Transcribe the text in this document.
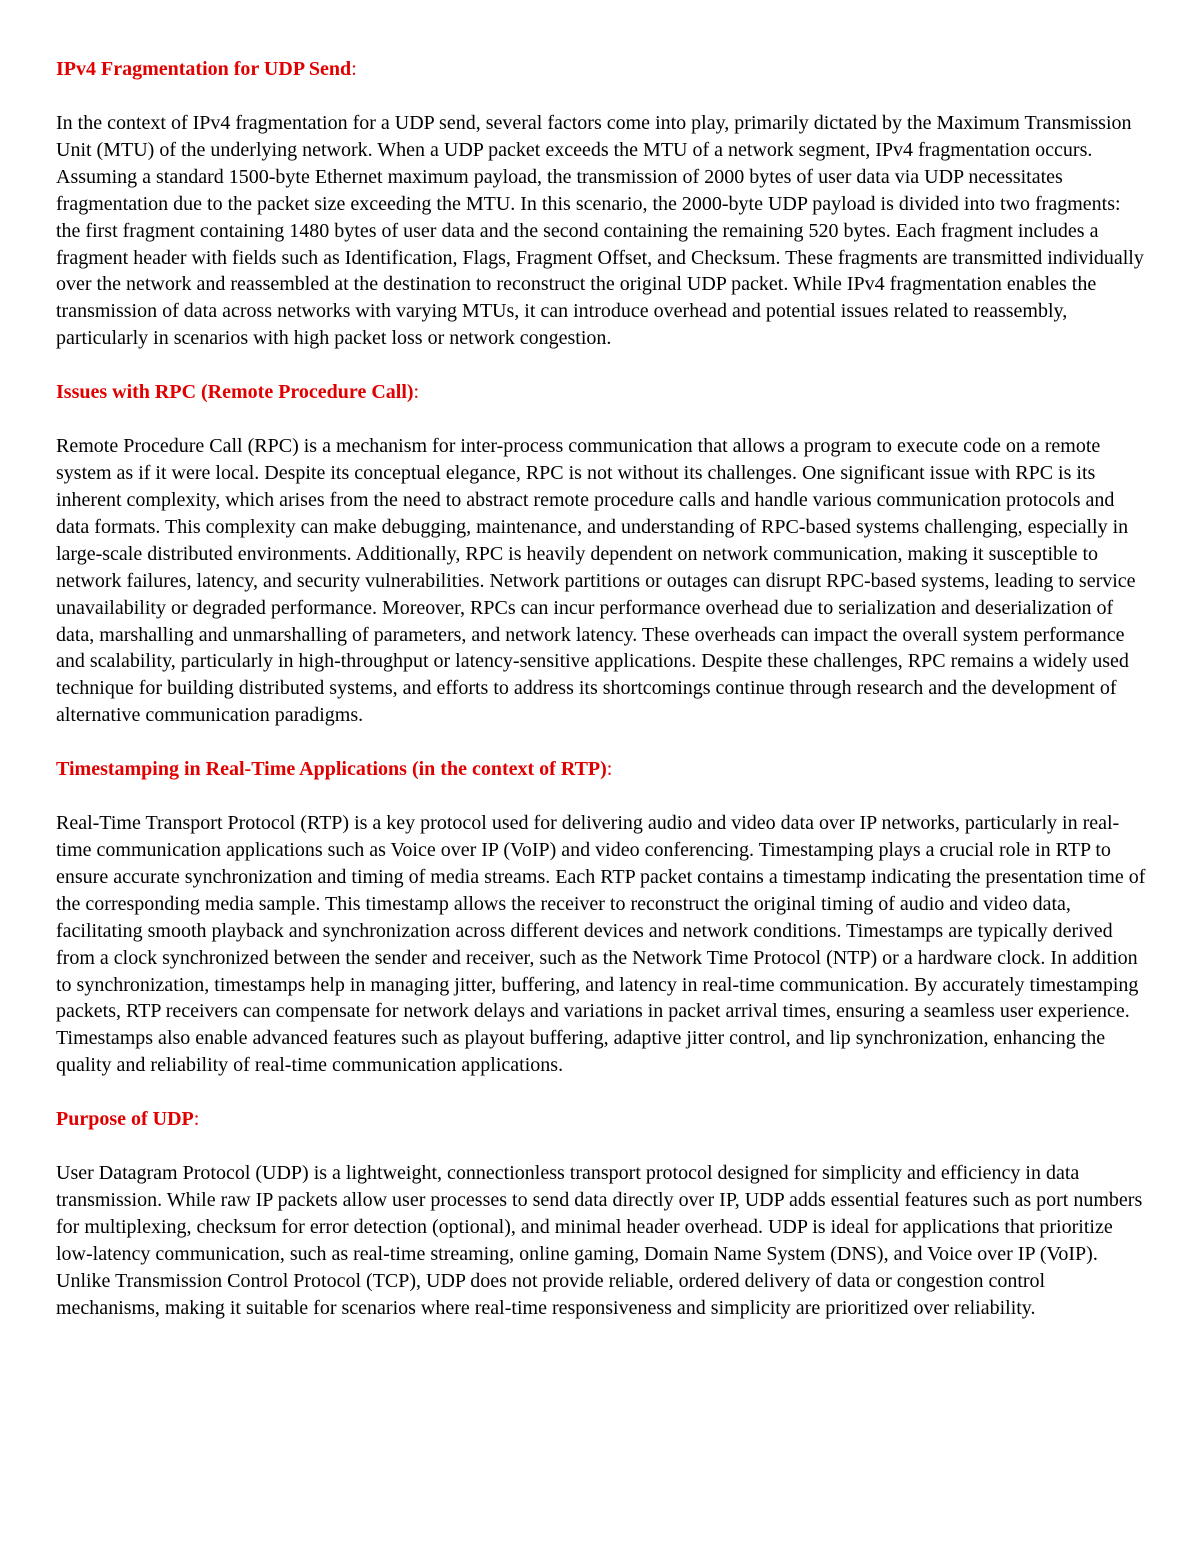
IPv4 Fragmentation for UDP Send:

In the context of IPv4 fragmentation for a UDP send, several factors come into play, primarily dictated by the Maximum Transmission Unit (MTU) of the underlying network. When a UDP packet exceeds the MTU of a network segment, IPv4 fragmentation occurs. Assuming a standard 1500-byte Ethernet maximum payload, the transmission of 2000 bytes of user data via UDP necessitates fragmentation due to the packet size exceeding the MTU. In this scenario, the 2000-byte UDP payload is divided into two fragments: the first fragment containing 1480 bytes of user data and the second containing the remaining 520 bytes. Each fragment includes a fragment header with fields such as Identification, Flags, Fragment Offset, and Checksum. These fragments are transmitted individually over the network and reassembled at the destination to reconstruct the original UDP packet. While IPv4 fragmentation enables the transmission of data across networks with varying MTUs, it can introduce overhead and potential issues related to reassembly, particularly in scenarios with high packet loss or network congestion.

Issues with RPC (Remote Procedure Call):

Remote Procedure Call (RPC) is a mechanism for inter-process communication that allows a program to execute code on a remote system as if it were local. Despite its conceptual elegance, RPC is not without its challenges. One significant issue with RPC is its inherent complexity, which arises from the need to abstract remote procedure calls and handle various communication protocols and data formats. This complexity can make debugging, maintenance, and understanding of RPC-based systems challenging, especially in large-scale distributed environments. Additionally, RPC is heavily dependent on network communication, making it susceptible to network failures, latency, and security vulnerabilities. Network partitions or outages can disrupt RPC-based systems, leading to service unavailability or degraded performance. Moreover, RPCs can incur performance overhead due to serialization and deserialization of data, marshalling and unmarshalling of parameters, and network latency. These overheads can impact the overall system performance and scalability, particularly in high-throughput or latency-sensitive applications. Despite these challenges, RPC remains a widely used technique for building distributed systems, and efforts to address its shortcomings continue through research and the development of alternative communication paradigms.

Timestamping in Real-Time Applications (in the context of RTP):

Real-Time Transport Protocol (RTP) is a key protocol used for delivering audio and video data over IP networks, particularly in real-time communication applications such as Voice over IP (VoIP) and video conferencing. Timestamping plays a crucial role in RTP to ensure accurate synchronization and timing of media streams. Each RTP packet contains a timestamp indicating the presentation time of the corresponding media sample. This timestamp allows the receiver to reconstruct the original timing of audio and video data, facilitating smooth playback and synchronization across different devices and network conditions. Timestamps are typically derived from a clock synchronized between the sender and receiver, such as the Network Time Protocol (NTP) or a hardware clock. In addition to synchronization, timestamps help in managing jitter, buffering, and latency in real-time communication. By accurately timestamping packets, RTP receivers can compensate for network delays and variations in packet arrival times, ensuring a seamless user experience. Timestamps also enable advanced features such as playout buffering, adaptive jitter control, and lip synchronization, enhancing the quality and reliability of real-time communication applications.

Purpose of UDP:

User Datagram Protocol (UDP) is a lightweight, connectionless transport protocol designed for simplicity and efficiency in data transmission. While raw IP packets allow user processes to send data directly over IP, UDP adds essential features such as port numbers for multiplexing, checksum for error detection (optional), and minimal header overhead. UDP is ideal for applications that prioritize low-latency communication, such as real-time streaming, online gaming, Domain Name System (DNS), and Voice over IP (VoIP). Unlike Transmission Control Protocol (TCP), UDP does not provide reliable, ordered delivery of data or congestion control mechanisms, making it suitable for scenarios where real-time responsiveness and simplicity are prioritized over reliability.
